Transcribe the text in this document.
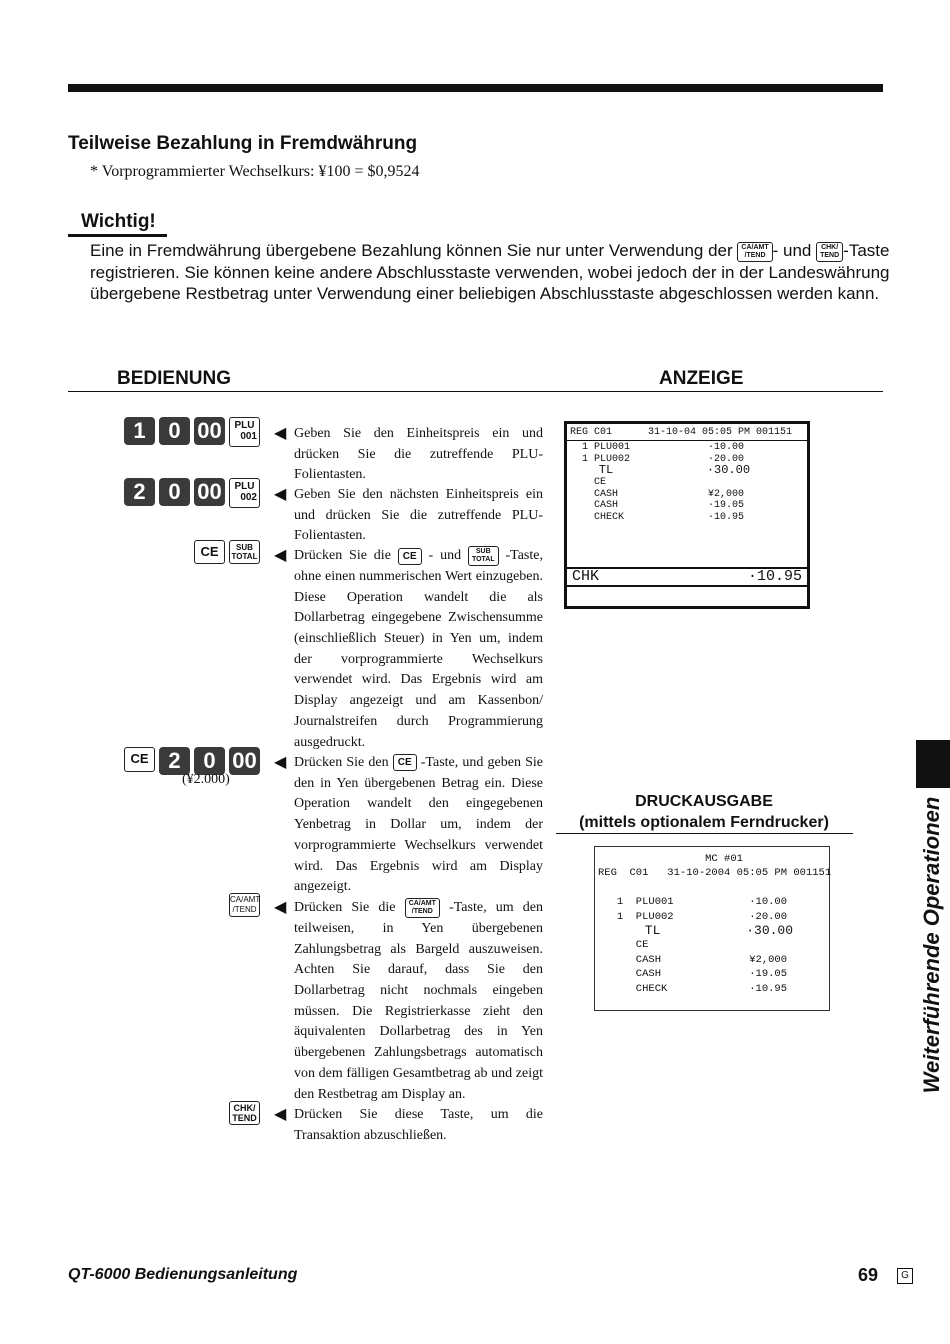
Teilweise Bezahlung in Fremdwährung
* Vorprogrammierter Wechselkurs: ¥100 = $0,9524
Wichtig!
Eine in Fremdwährung übergebene Bezahlung können Sie nur unter Verwendung der CA/AMT
/TEND - und CHK/
TEND -Taste registrieren. Sie können keine andere Abschlusstaste verwenden, wobei jedoch der in der Landeswährung übergebene Restbetrag unter Verwendung einer beliebigen Abschlusstaste abgeschlossen werden kann.
BEDIENUNG	ANZEIGE
1 0 00	PLU
001 ◀ Geben Sie den Einheitspreis ein und drücken Sie die zutreffende PLU-Folientasten.
2 0 00	PLU
002 ◀ Geben Sie den nächsten Einheitspreis ein und drücken Sie die zutreffende PLU-Folientasten.
CE SUB
TOTAL ◀ Drücken Sie die CE - und SUB
TOTAL -Taste, ohne einen nummerischen Wert einzugeben. Diese Operation wandelt die als Dollarbetrag eingegebene Zwischensumme (einschließlich Steuer) in Yen um, indem der vorprogrammierte Wechselkurs verwendet wird. Das Ergebnis wird am Display angezeigt und am Kassenbon/ Journalstreifen durch Programmierung ausgedruckt.
CE 2 0 00
(¥2.000)
◀ Drücken Sie den CE -Taste, und geben Sie den in Yen übergebenen Betrag ein. Diese Operation wandelt den eingegebenen Yenbetrag in Dollar um, indem der vorprogrammierte Wechselkurs verwendet wird. Das Ergebnis wird am Display angezeigt.
CA/AMT
/TEND ◀ Drücken Sie die CA/AMT
/TEND -Taste, um den teilweisen, in Yen übergebenen Zahlungsbetrag als Bargeld auszuweisen. Achten Sie darauf, dass Sie den Dollarbetrag nicht nochmals eingeben müssen. Die Registrierkasse zieht den äquivalenten Dollarbetrag des in Yen übergebenen Zahlungsbetrags automatisch von dem fälligen Gesamtbetrag ab und zeigt den Restbetrag am Display an.
CHK/
TEND ◀ Drücken Sie diese Taste, um die Transaktion abzuschließen.
REG C01      31-10-04 05:05 PM 001151
1 PLU001             ·10.00
1 PLU002             ·20.00
TL             ·30.00
CE
CASH               ¥2,000
CASH               ·19.05
CHECK              ·10.95
CHK	·10.95
DRUCKAUSGABE
(mittels optionalem Ferndrucker)
MC #01
REG  C01   31-10-2004 05:05 PM 001151
1  PLU001            ·10.00
1  PLU002            ·20.00
TL           ·30.00
CE
CASH              ¥2,000
CASH              ·19.05
CHECK             ·10.95	Weiterführende Operationen
QT-6000 Bedienungsanleitung	69	G
